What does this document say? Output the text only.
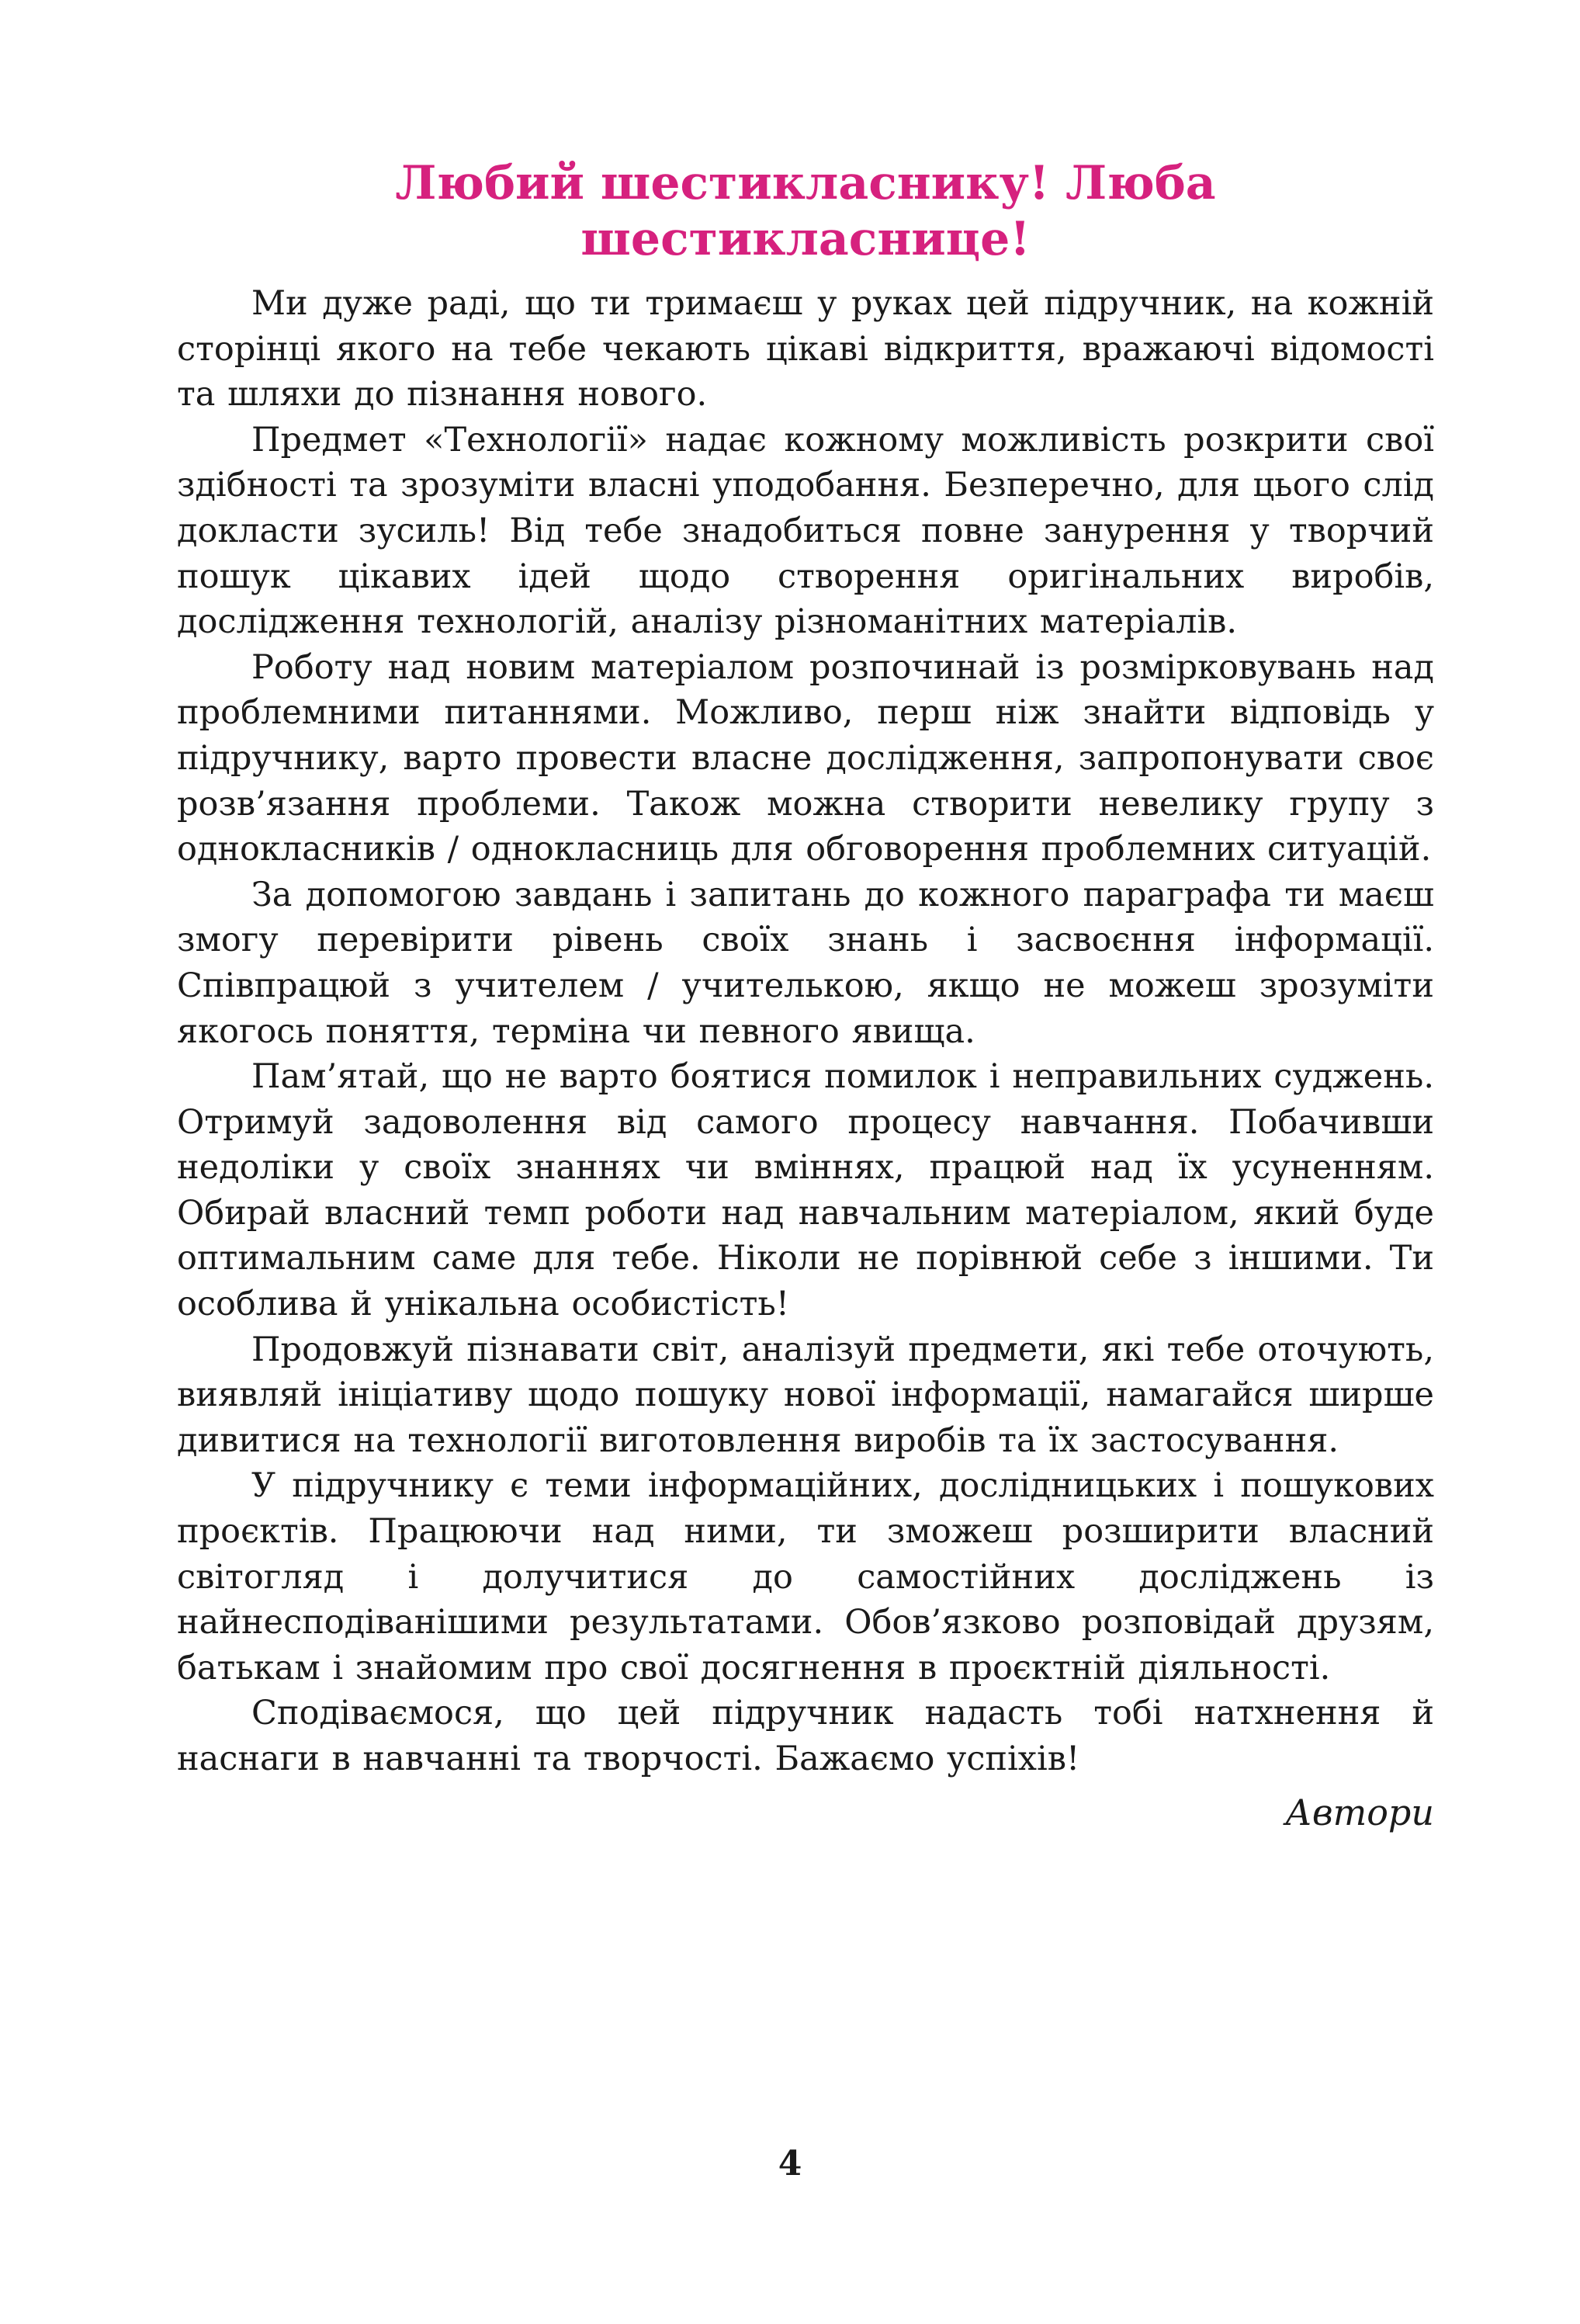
Любий шестикласнику! Люба шестикласнице!

Ми дуже раді, що ти тримаєш у руках цей підручник, на кожній сторінці якого на тебе чекають цікаві відкриття, вражаючі відомості та шляхи до пізнання нового.

Предмет «Технології» надає кожному можливість розкрити свої здібності та зрозуміти власні уподобання. Безперечно, для цього слід докласти зусиль! Від тебе знадобиться повне занурення у творчий пошук цікавих ідей щодо створення оригінальних виробів, дослідження технологій, аналізу різноманітних матеріалів.

Роботу над новим матеріалом розпочинай із розмірковувань над проблемними питаннями. Можливо, перш ніж знайти відповідь у підручнику, варто провести власне дослідження, запропонувати своє розв’язання проблеми. Також можна створити невелику групу з однокласників / однокласниць для обговорення проблемних ситуацій.

За допомогою завдань і запитань до кожного параграфа ти маєш змогу перевірити рівень своїх знань і засвоєння інформації. Співпрацюй з учителем / учителькою, якщо не можеш зрозуміти якогось поняття, терміна чи певного явища.

Пам’ятай, що не варто боятися помилок і неправильних суджень. Отримуй задоволення від самого процесу навчання. Побачивши недоліки у своїх знаннях чи вміннях, працюй над їх усуненням. Обирай власний темп роботи над навчальним матеріалом, який буде оптимальним саме для тебе. Ніколи не порівнюй себе з іншими. Ти особлива й унікальна особистість!

Продовжуй пізнавати світ, аналізуй предмети, які тебе оточують, виявляй ініціативу щодо пошуку нової інформації, намагайся ширше дивитися на технології виготовлення виробів та їх застосування.

У підручнику є теми інформаційних, дослідницьких і пошукових проєктів. Працюючи над ними, ти зможеш розширити власний світогляд і долучитися до самостійних досліджень із найнесподіванішими результатами. Обов’язково розповідай друзям, батькам і знайомим про свої досягнення в проєктній діяльності.

Сподіваємося, що цей підручник надасть тобі натхнення й наснаги в навчанні та творчості. Бажаємо успіхів!

Автори
4
